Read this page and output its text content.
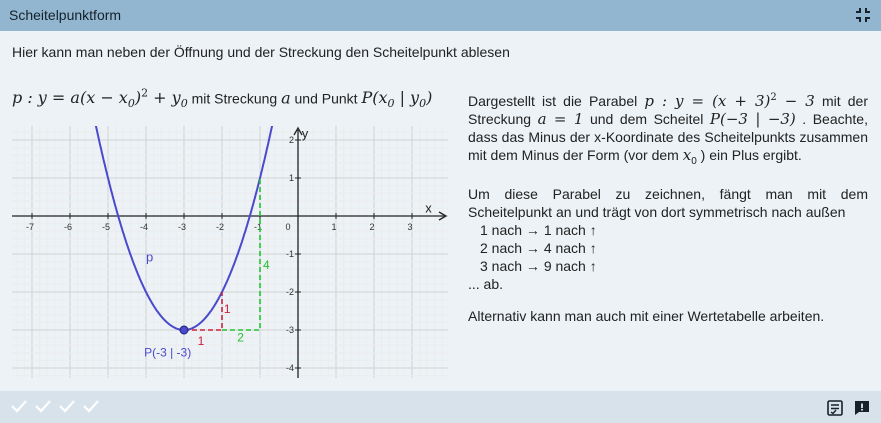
Scheitelpunktform
Hier kann man neben der Öffnung und der Streckung den Scheitelpunkt ablesen
p : $y = a(x - x_0)^2 + y_0$ mit Streckung a und Punkt $P(x_0$ | $y_0$)
-7	-6	-5	-4	-3	-2	-1	0	1	2	3
2
1
-1
-2
-3
-4
p
P(-3 | -3)
x
y
1
1
2
4

Dargestellt ist die Parabel p : $y = (x + 3)^2 - 3$ mit der Streckung a = 1 und dem Scheitel P(−3 | −3) . Beachte, dass das Minus der x-Koordinate des Scheitelpunkts zusammen mit dem Minus der Form (vor dem $x_0$ ) ein Plus ergibt.

Um diese Parabel zu zeichnen, fängt man mit dem Scheitelpunkt an und trägt von dort symmetrisch nach außen

1 nach → 1 nach ↑
2 nach → 4 nach ↑
3 nach → 9 nach ↑

... ab.

Alternativ kann man auch mit einer Wertetabelle arbeiten.
